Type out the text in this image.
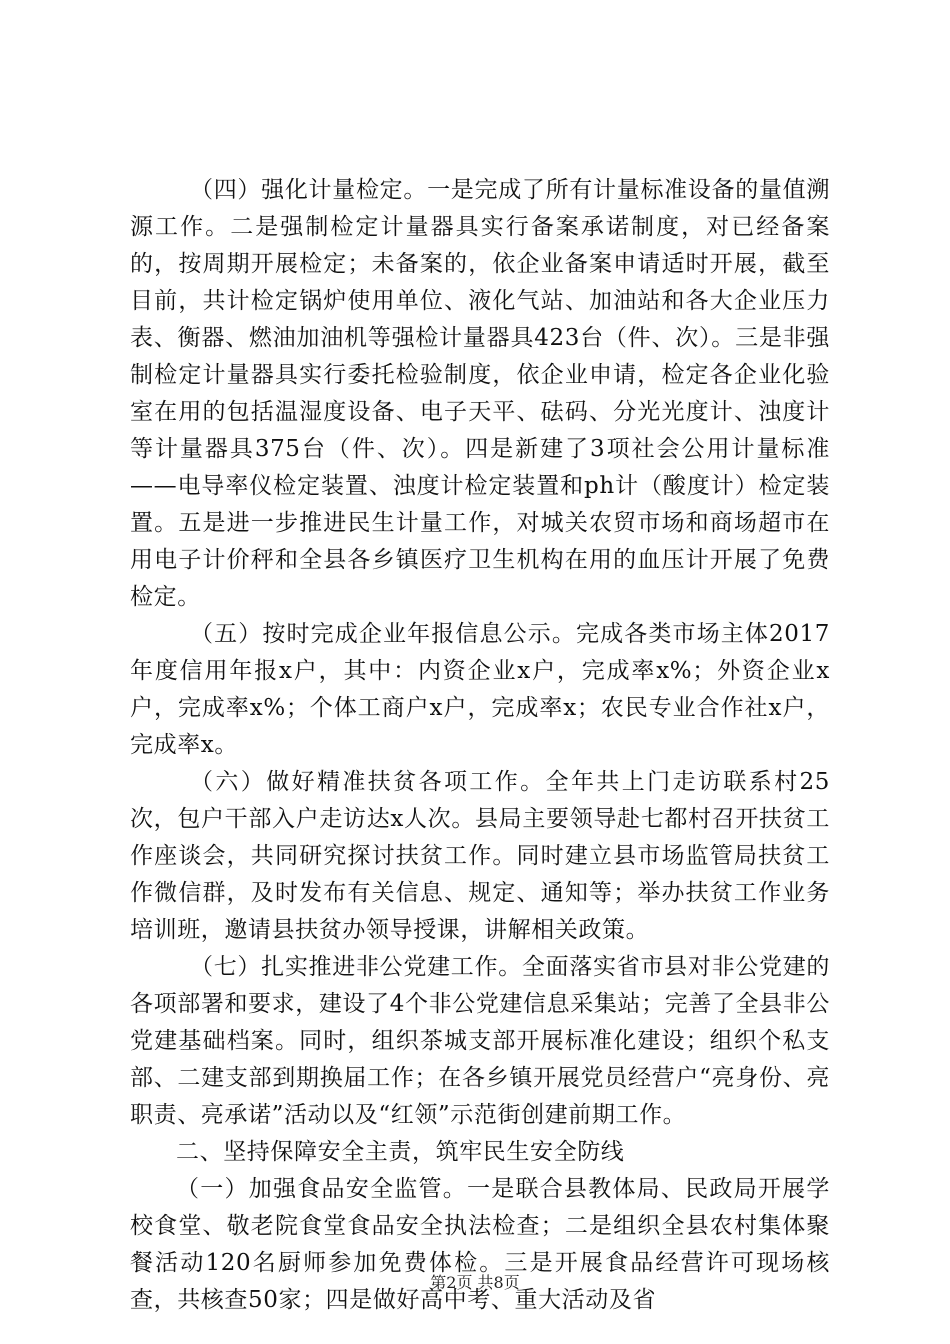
（四）强化计量检定。一是完成了所有计量标准设备的量值溯源工作。二是强制检定计量器具实行备案承诺制度，对已经备案的，按周期开展检定；未备案的，依企业备案申请适时开展，截至目前，共计检定锅炉使用单位、液化气站、加油站和各大企业压力表、衡器、燃油加油机等强检计量器具423台（件、次）。三是非强制检定计量器具实行委托检验制度，依企业申请，检定各企业化验室在用的包括温湿度设备、电子天平、砝码、分光光度计、浊度计等计量器具375台（件、次）。四是新建了3项社会公用计量标准——电导率仪检定装置、浊度计检定装置和ph计（酸度计）检定装置。五是进一步推进民生计量工作，对城关农贸市场和商场超市在用电子计价秤和全县各乡镇医疗卫生机构在用的血压计开展了免费检定。

（五）按时完成企业年报信息公示。完成各类市场主体2017年度信用年报x户，其中：内资企业x户，完成率x%；外资企业x户，完成率x%；个体工商户x户，完成率x；农民专业合作社x户，完成率x。

（六）做好精准扶贫各项工作。全年共上门走访联系村25次，包户干部入户走访达x人次。县局主要领导赴七都村召开扶贫工作座谈会，共同研究探讨扶贫工作。同时建立县市场监管局扶贫工作微信群，及时发布有关信息、规定、通知等；举办扶贫工作业务培训班，邀请县扶贫办领导授课，讲解相关政策。

（七）扎实推进非公党建工作。全面落实省市县对非公党建的各项部署和要求，建设了4个非公党建信息采集站；完善了全县非公党建基础档案。同时，组织茶城支部开展标准化建设；组织个私支部、二建支部到期换届工作；在各乡镇开展党员经营户“亮身份、亮职责、亮承诺”活动以及“红领”示范街创建前期工作。

二、坚持保障安全主责，筑牢民生安全防线

（一）加强食品安全监管。一是联合县教体局、民政局开展学校食堂、敬老院食堂食品安全执法检查；二是组织全县农村集体聚餐活动120名厨师参加免费体检。三是开展食品经营许可现场核查，共核查50家；四是做好高中考、重大活动及省

第2页 共8页
